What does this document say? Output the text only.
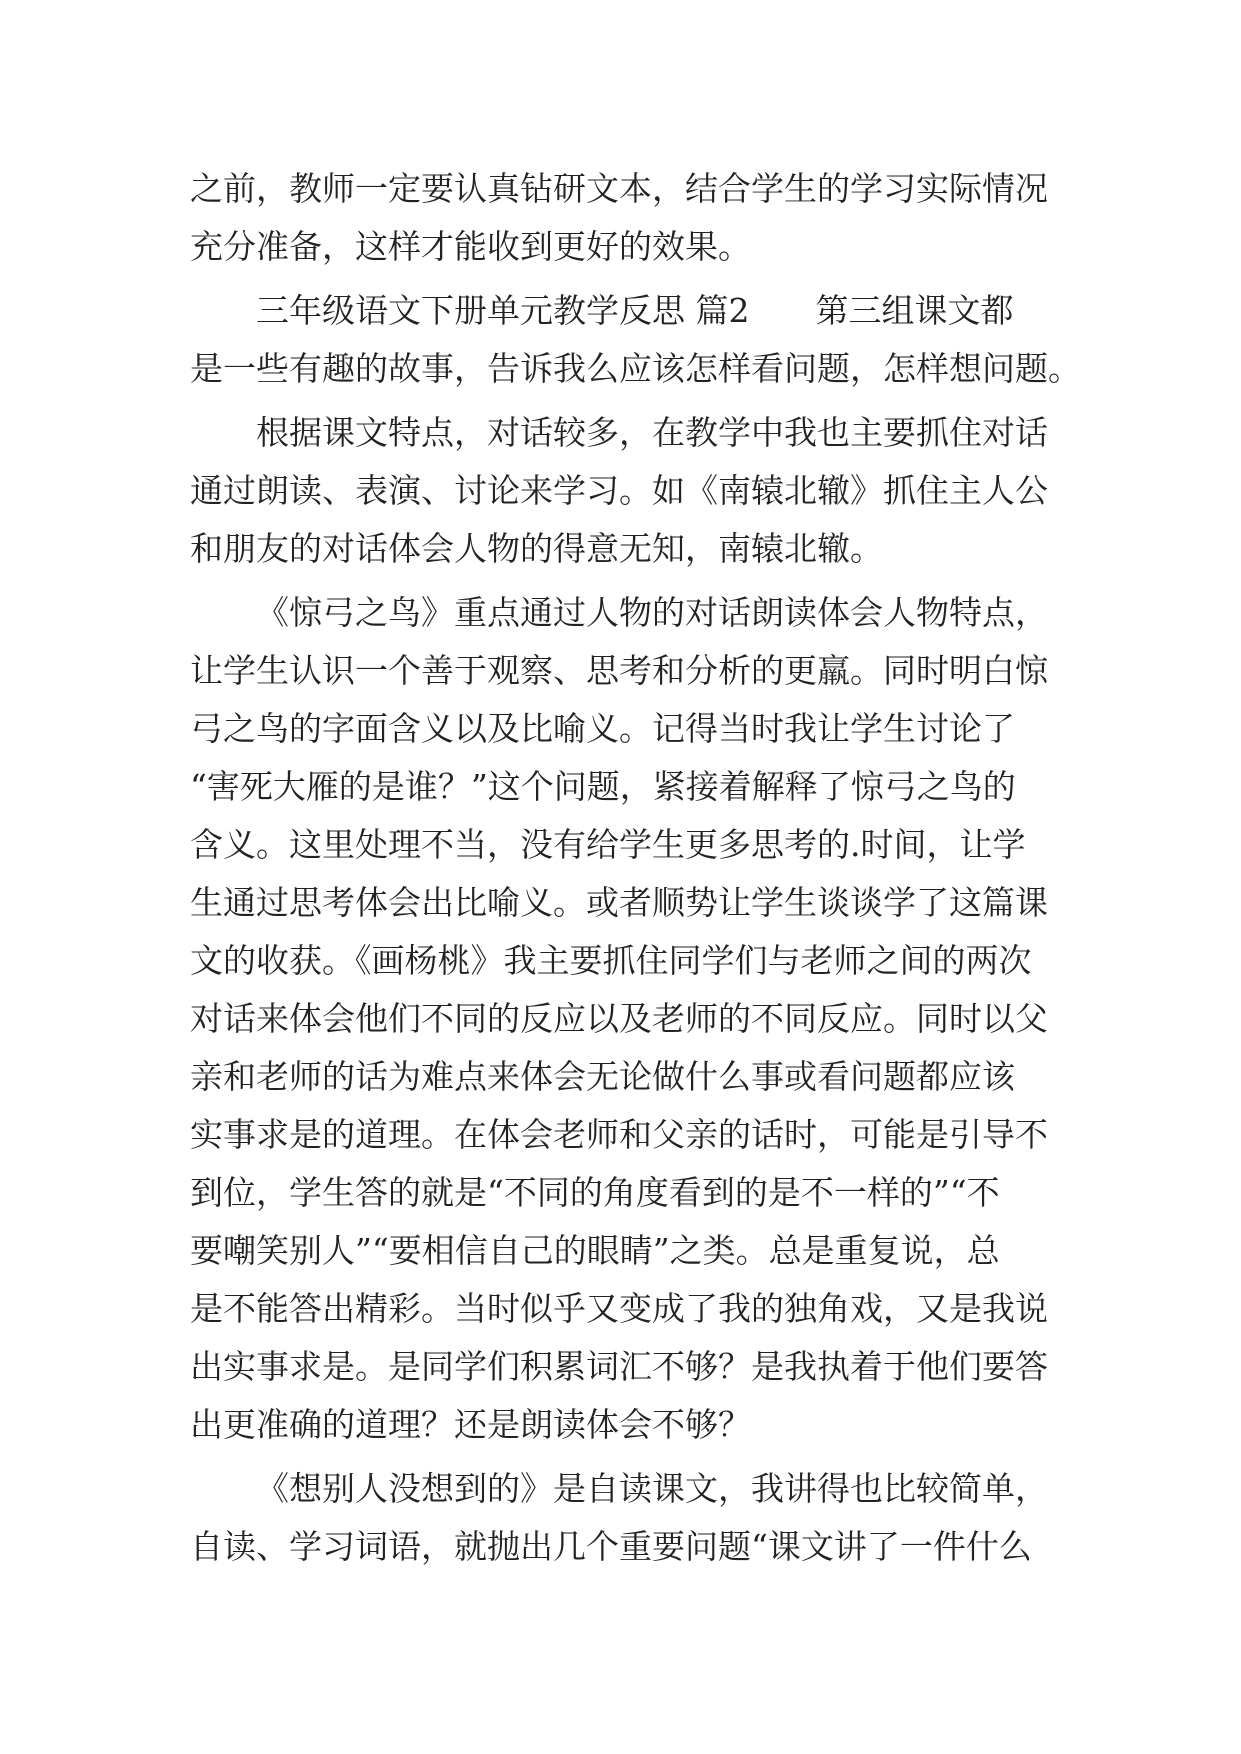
之前，教师一定要认真钻研文本，结合学生的学习实际情况
充分准备，这样才能收到更好的效果。
三年级语文下册单元教学反思 篇2　　第三组课文都
是一些有趣的故事，告诉我么应该怎样看问题，怎样想问题。
根据课文特点，对话较多，在教学中我也主要抓住对话
通过朗读、表演、讨论来学习。如《南辕北辙》抓住主人公
和朋友的对话体会人物的得意无知，南辕北辙。
《惊弓之鸟》重点通过人物的对话朗读体会人物特点，
让学生认识一个善于观察、思考和分析的更羸。同时明白惊
弓之鸟的字面含义以及比喻义。记得当时我让学生讨论了
“害死大雁的是谁？”这个问题，紧接着解释了惊弓之鸟的
含义。这里处理不当，没有给学生更多思考的.时间，让学
生通过思考体会出比喻义。或者顺势让学生谈谈学了这篇课
文的收获。《画杨桃》我主要抓住同学们与老师之间的两次
对话来体会他们不同的反应以及老师的不同反应。同时以父
亲和老师的话为难点来体会无论做什么事或看问题都应该
实事求是的道理。在体会老师和父亲的话时，可能是引导不
到位，学生答的就是“不同的角度看到的是不一样的”“不
要嘲笑别人”“要相信自己的眼睛”之类。总是重复说，总
是不能答出精彩。当时似乎又变成了我的独角戏，又是我说
出实事求是。是同学们积累词汇不够？是我执着于他们要答
出更准确的道理？还是朗读体会不够？
《想别人没想到的》是自读课文，我讲得也比较简单，
自读、学习词语，就抛出几个重要问题“课文讲了一件什么
